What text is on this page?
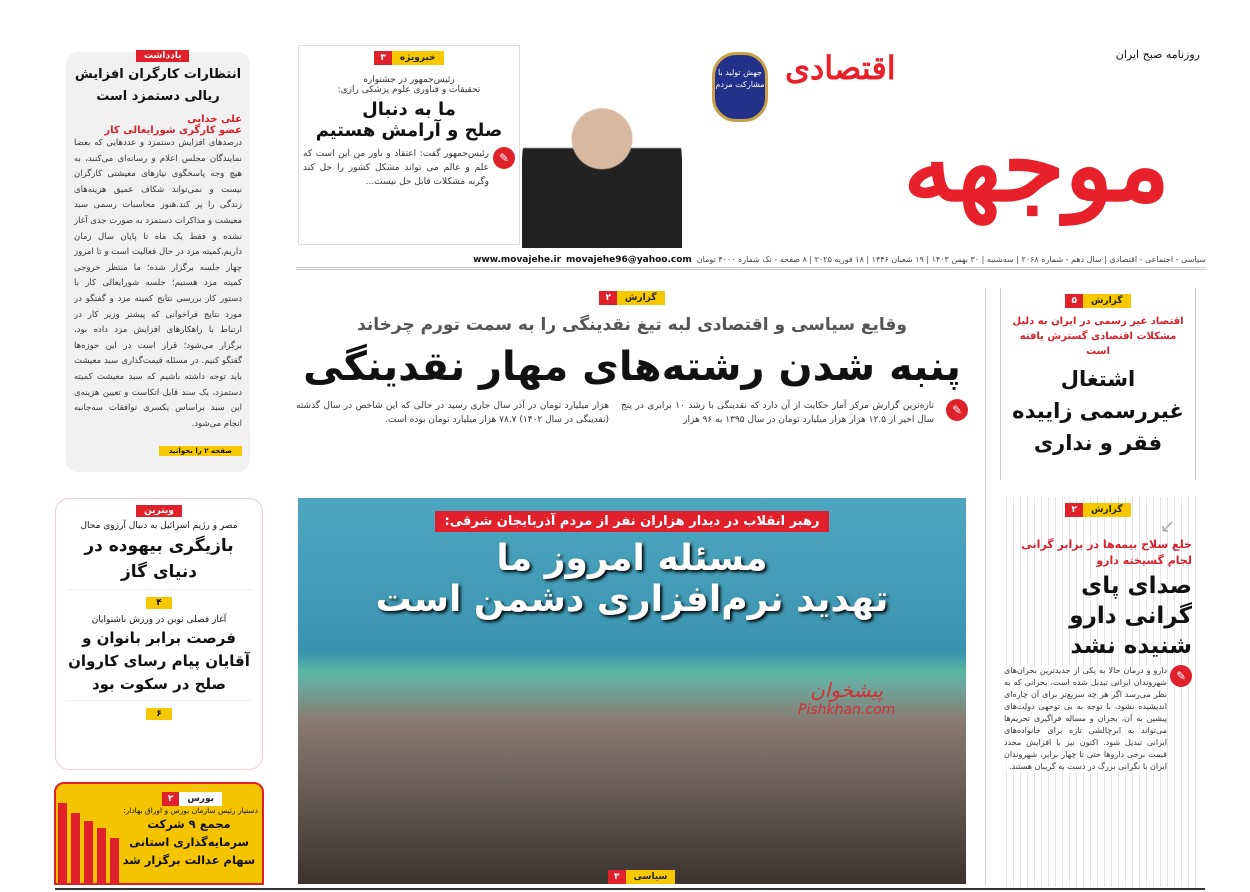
روزنامه صبح ایران
موجهه
اقتصادی
جهش تولید با مشارکت مردم
سیاسی - اجتماعی - اقتصادی | سال دهم - شماره ۲۰۶۸ | سه‌شنبه | ۳۰ بهمن ۱۴۰۳ | ۱۹ شعبان ۱۴۴۶ | ۱۸ فوریه ۲۰۲۵ | ۸ صفحه - تک شماره ۴۰۰۰ تومان
movajehe96@yahoo.com
www.movajehe.ir
خبرویژه
۳
رئیس‌جمهور در جشنواره
تحقیقات و فناوری علوم پزشکی رازی:
ما به دنبال
صلح و آرامش هستیم
✎
رئیس‌جمهور گفت: اعتقاد و باور من این است که علم و عالم می تواند مشکل کشور را حل کند وگرنه مشکلات قابل حل نیست...
گزارش
۲
وقایع سیاسی و اقتصادی لبه تیغ نقدینگی را به سمت تورم چرخاند
پنبه شدن رشته‌های مهار نقدینگی
✎
تازه‌ترین گزارش مرکز آمار حکایت از آن دارد که نقدینگی با رشد ۱۰ برابری در پنج سال اخیر از ۱۲.۵ هزار هزار میلیارد تومان در سال ۱۳۹۵ به ۹۶ هزار
هزار میلیارد تومان در آذر سال جاری رسید در حالی که این شاخص در سال گذشته (نقدینگی در سال ۱۴۰۲) ۷۸.۷ هزار میلیارد تومان بوده است.
رهبر انقلاب در دیدار هزاران نفر از مردم آذربایجان شرقی:
مسئله امروز ما
تهدید نرم‌افزاری دشمن است
پیشخوان
Pishkhan.com
سیاسی
۳
گزارش
۵
اقتصاد غیر رسمی در ایران به دلیل مشکلات اقتصادی گسترش یافته است
اشتغال غیررسمی زاییده فقر و نداری
گزارش
۲
↙
خلع سلاح بیمه‌ها در برابر گرانی لجام گسیخته دارو
صدای پای گرانی دارو شنیده نشد
✎
دارو و درمان حالا به یکی از جدیدترین بحران‌های شهروندان ایرانی تبدیل شده است، بحرانی که به نظر می‌رسد اگر هر چه سریع‌تر برای آن چاره‌ای اندیشیده نشود، با توجه به بی توجهی دولت‌های پیشین به آن، بحران و مساله فراگیری تحریم‌ها می‌تواند به ابرچالشی تازه برای خانواده‌های ایرانی تبدیل شود. اکنون نیز با افزایش مجدد قیمت برخی داروها حتی تا چهار برابر، شهروندان ایران با نگرانی بزرگ در دست به گریبان هستند.
یادداشت
انتظارات کارگران افزایش ریالی دستمزد است
علی خدایی
عضو کارگری شورایعالی کار
درصدهای افزایش دستمزد و عددهایی که بعضا نمایندگان مجلس اعلام و رسانه‌ای می‌کنند، به هیچ وجه پاسخگوی نیازهای معیشتی کارگران نیست و نمی‌تواند شکاف عمیق هزینه‌های زندگی را پر کند.هنوز محاسبات رسمی سبد معیشت و مذاکرات دستمزد به صورت جدی آغاز نشده و فقط یک ماه تا پایان سال زمان داریم.کمیته مزد در حال فعالیت است و تا امروز چهار جلسه برگزار شده؛ ما منتظر خروجی کمیته مزد هستیم؛ جلسه شورایعالی کار با دستور کار بررسی نتایج کمیته مزد و گفتگو در مورد نتایج فراخوانی که پیشتر وزیر کار در ارتباط با راهکارهای افزایش مزد داده بود، برگزار می‌شود؛ قرار است در این حوزه‌ها گفتگو کنیم. در مسئله قیمت‌گذاری سبد معیشت باید توجه داشته باشیم که سبد معیشت کمیته دستمزد، یک سند قابل اتکاست و تعیین هزینه‌ی این سبد براساس یکسری توافقات سه‌جانبه انجام می‌شود.
صفحه ۲ را بخوانید
ویترین
مصر و رژیم اسرائیل به دنبال آرزوی محال
بازیگری بیهوده در دنیای گاز
۴
آغاز فصلی نوین در ورزش ناشنوایان
فرصت برابر بانوان و آقایان پیام رسای کاروان صلح در سکوت بود
۶
بورس
۲
دستیار رئیس سازمان بورس و اوراق بهادار:
مجمع ۹ شرکت سرمایه‌گذاری استانی سهام عدالت برگزار شد
